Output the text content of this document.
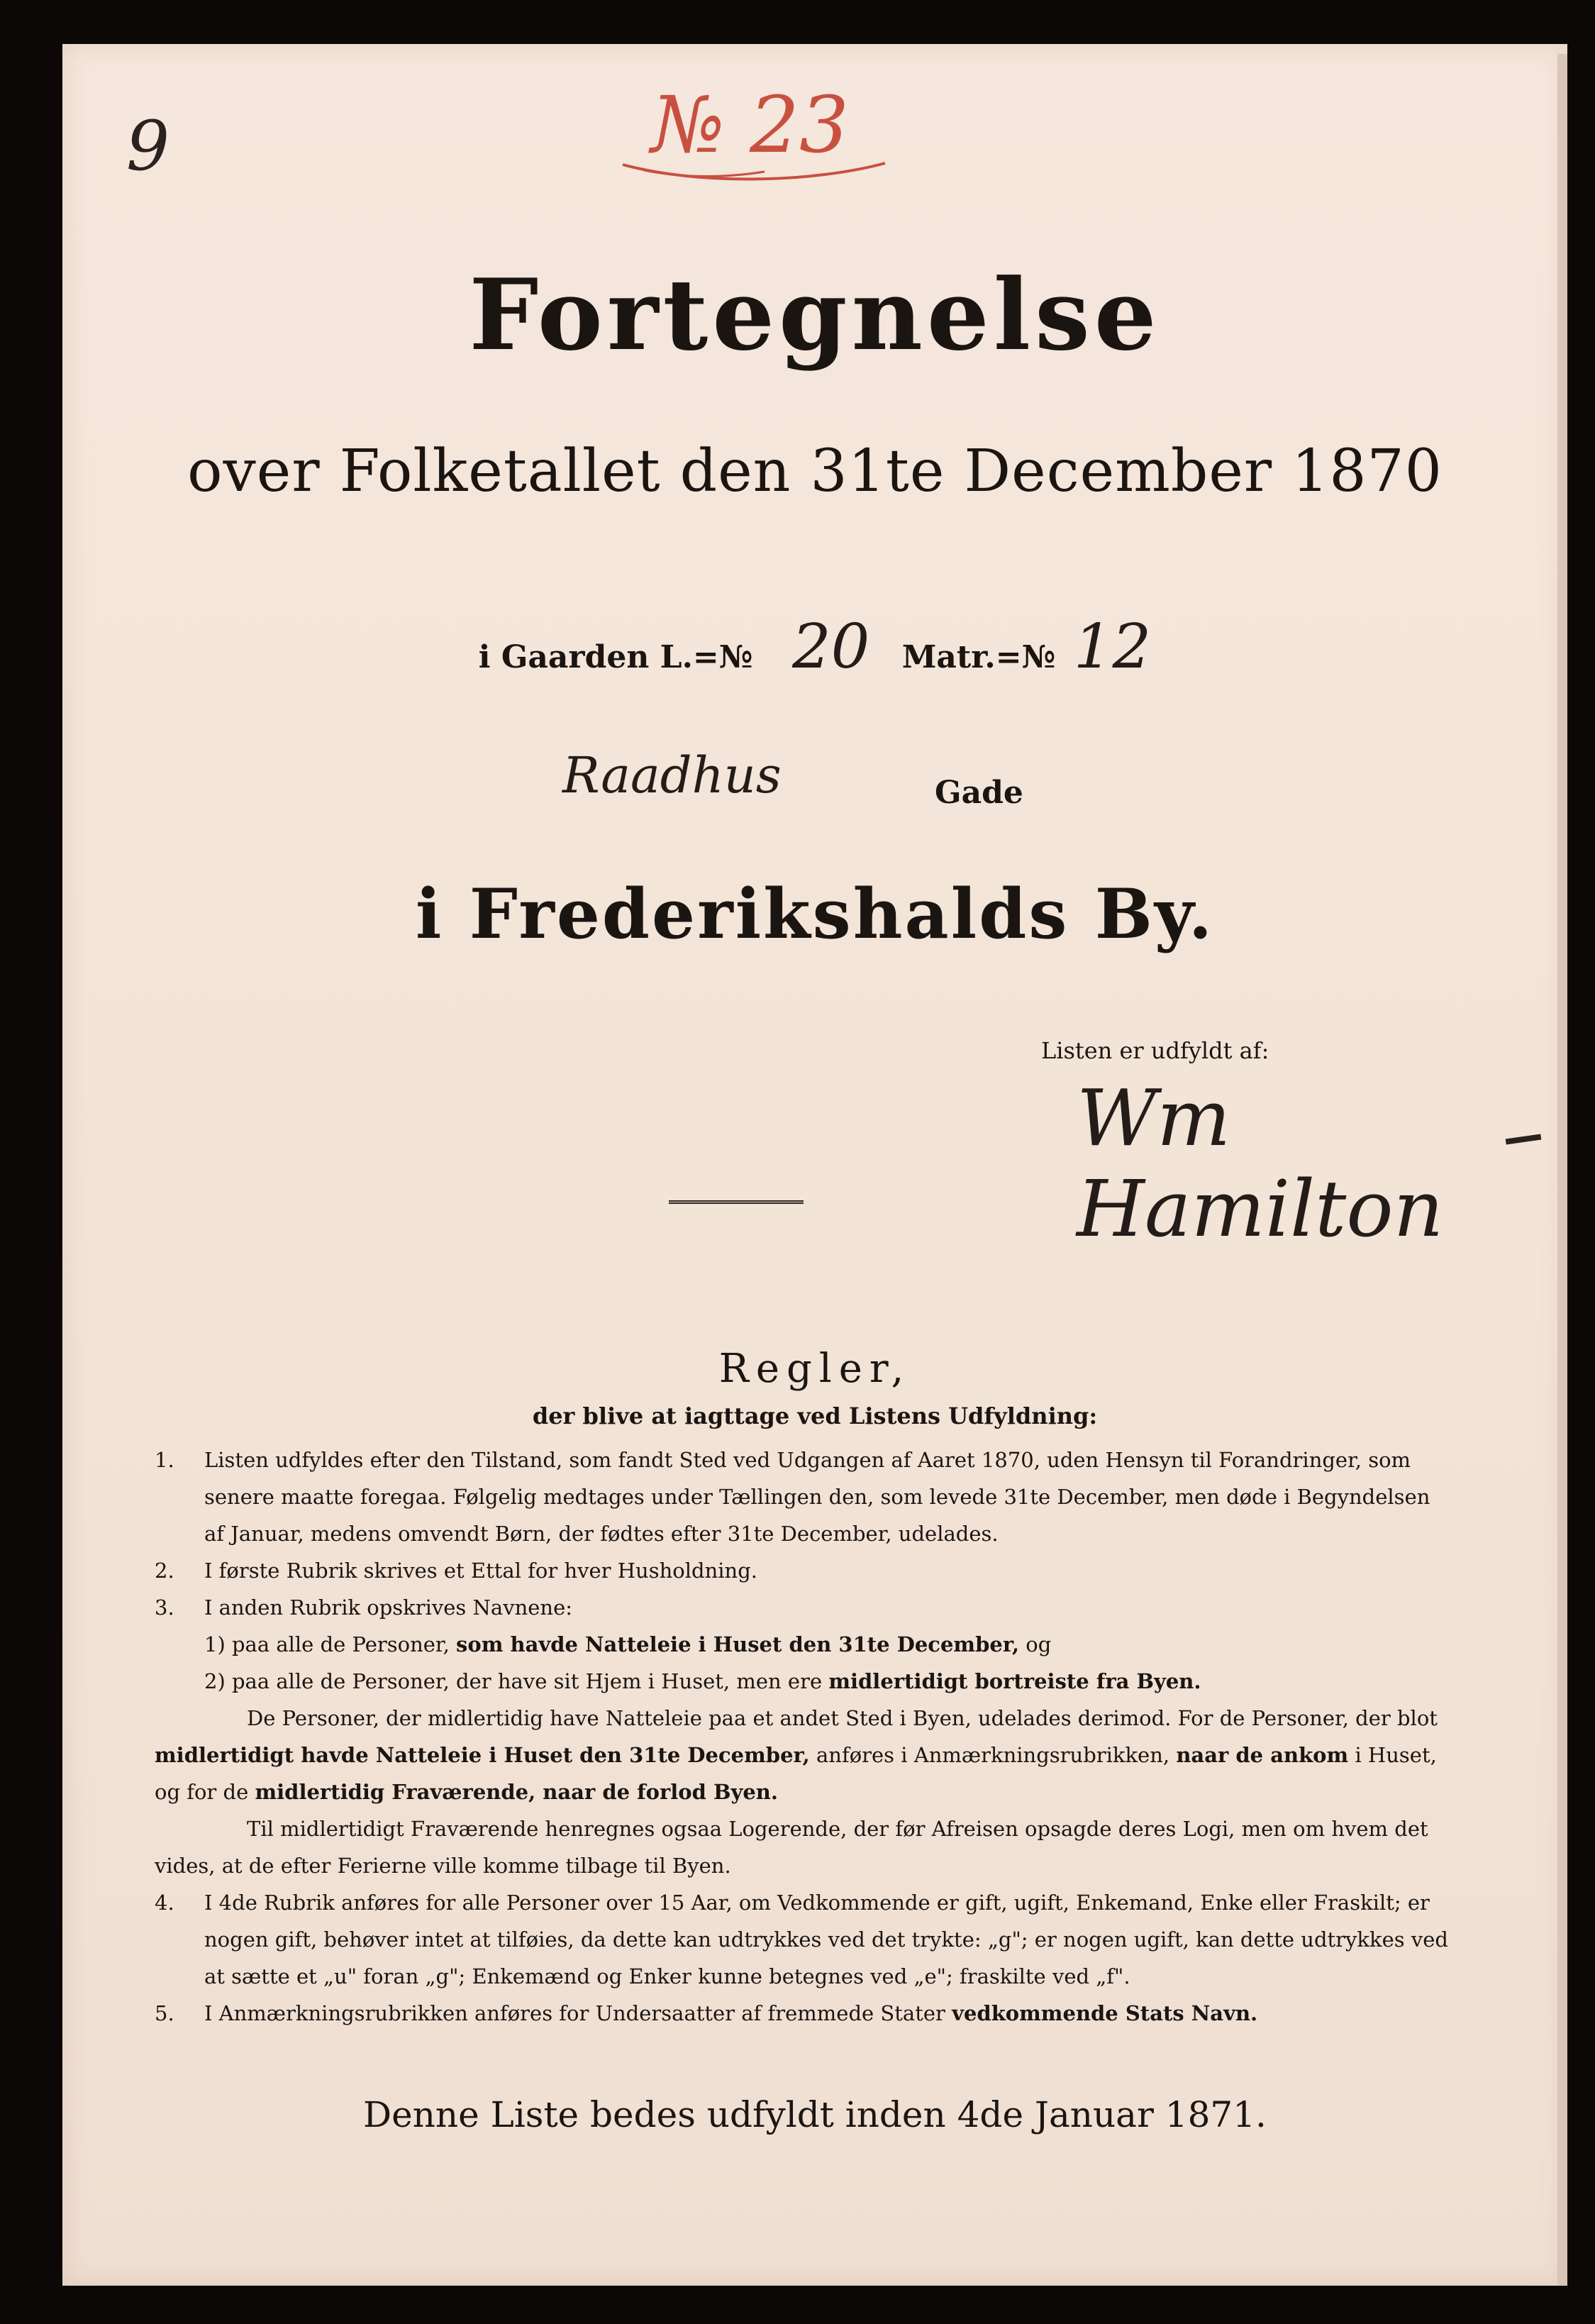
9	№ 23
Fortegnelse
over Folketallet den 31te December 1870
i Gaarden L.=№ 20 Matr.=№ 12
Raadhus	Gade
i Frederikshalds By.
Listen er udfyldt af:
Wm Hamilton
Regler,
der blive at iagttage ved Listens Udfyldning:

1. Listen udfyldes efter den Tilstand, som fandt Sted ved Udgangen af Aaret 1870, uden Hensyn til Forandringer, som senere maatte foregaa. Følgelig medtages under Tællingen den, som levede 31te December, men døde i Begyndelsen af Januar, medens omvendt Børn, der fødtes efter 31te December, udelades.

2. I første Rubrik skrives et Ettal for hver Husholdning.

3. I anden Rubrik opskrives Navnene:

1) paa alle de Personer, som havde Natteleie i Huset den 31te December, og

2) paa alle de Personer, der have sit Hjem i Huset, men ere midlertidigt bortreiste fra Byen.

De Personer, der midlertidig have Natteleie paa et andet Sted i Byen, udelades derimod. For de Personer, der blot midlertidigt havde Natteleie i Huset den 31te December, anføres i Anmærkningsrubrikken, naar de ankom i Huset, og for de midlertidig Fraværende, naar de forlod Byen.

Til midlertidigt Fraværende henregnes ogsaa Logerende, der før Afreisen opsagde deres Logi, men om hvem det vides, at de efter Ferierne ville komme tilbage til Byen.

4. I 4de Rubrik anføres for alle Personer over 15 Aar, om Vedkommende er gift, ugift, Enkemand, Enke eller Fraskilt; er nogen gift, behøver intet at tilføies, da dette kan udtrykkes ved det trykte: „g"; er nogen ugift, kan dette udtrykkes ved at sætte et „u" foran „g"; Enkemænd og Enker kunne betegnes ved „e"; fraskilte ved „f".

5. I Anmærkningsrubrikken anføres for Undersaatter af fremmede Stater vedkommende Stats Navn.

Denne Liste bedes udfyldt inden 4de Januar 1871.
